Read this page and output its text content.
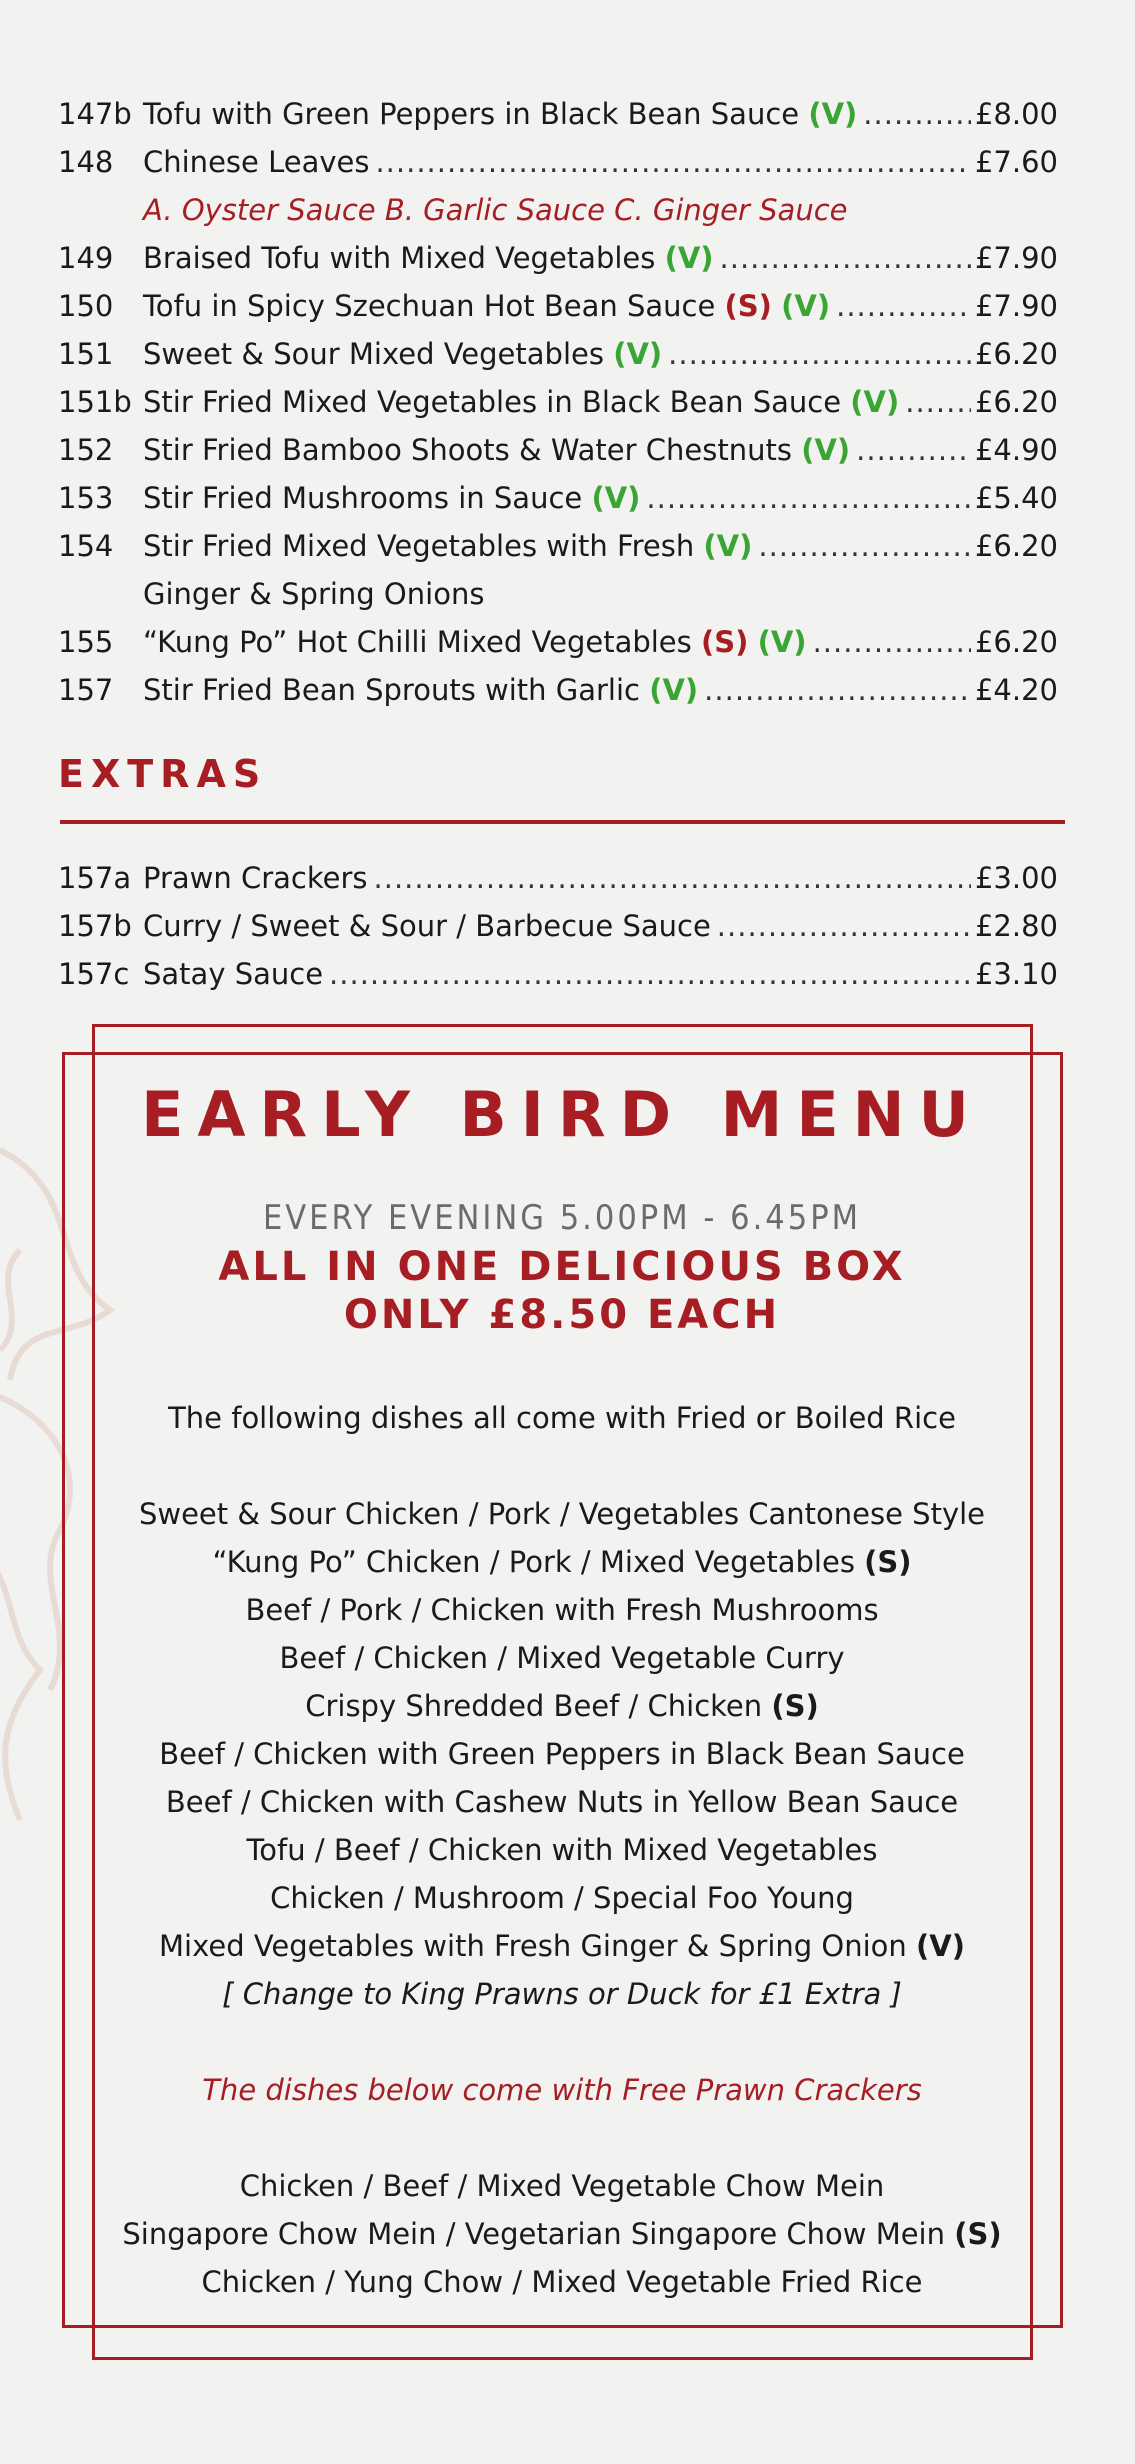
147b Tofu with Green Peppers in Black Bean Sauce (V) .....	£8.00
148	Chinese Leaves .....	£7.60
A. Oyster Sauce B. Garlic Sauce C. Ginger Sauce
149	Braised Tofu with Mixed Vegetables (V) .....	£7.90
150	Tofu in Spicy Szechuan Hot Bean Sauce (S) (V) .....	£7.90
151	Sweet & Sour Mixed Vegetables (V) .....	£6.20
151b Stir Fried Mixed Vegetables in Black Bean Sauce (V) .....	£6.20
152	Stir Fried Bamboo Shoots & Water Chestnuts (V) .....	£4.90
153	Stir Fried Mushrooms in Sauce (V) .....	£5.40
154	Stir Fried Mixed Vegetables with Fresh (V) .....	£6.20
Ginger & Spring Onions
155	“Kung Po” Hot Chilli Mixed Vegetables (S) (V) .....	£6.20
157	Stir Fried Bean Sprouts with Garlic (V) .....	£4.20
EXTRAS
157a Prawn Crackers .....	£3.00
157b Curry / Sweet & Sour / Barbecue Sauce .....	£2.80
157c Satay Sauce .....	£3.10
EARLY BIRD MENU
EVERY EVENING 5.00PM - 6.45PM
ALL IN ONE DELICIOUS BOX
ONLY £8.50 EACH
The following dishes all come with Fried or Boiled Rice
Sweet & Sour Chicken / Pork / Vegetables Cantonese Style
“Kung Po” Chicken / Pork / Mixed Vegetables (S)
Beef / Pork / Chicken with Fresh Mushrooms
Beef / Chicken / Mixed Vegetable Curry
Crispy Shredded Beef / Chicken (S)
Beef / Chicken with Green Peppers in Black Bean Sauce
Beef / Chicken with Cashew Nuts in Yellow Bean Sauce
Tofu / Beef / Chicken with Mixed Vegetables
Chicken / Mushroom / Special Foo Young
Mixed Vegetables with Fresh Ginger & Spring Onion (V)
[ Change to King Prawns or Duck for £1 Extra ]
The dishes below come with Free Prawn Crackers
Chicken / Beef / Mixed Vegetable Chow Mein
Singapore Chow Mein / Vegetarian Singapore Chow Mein (S)
Chicken / Yung Chow / Mixed Vegetable Fried Rice
